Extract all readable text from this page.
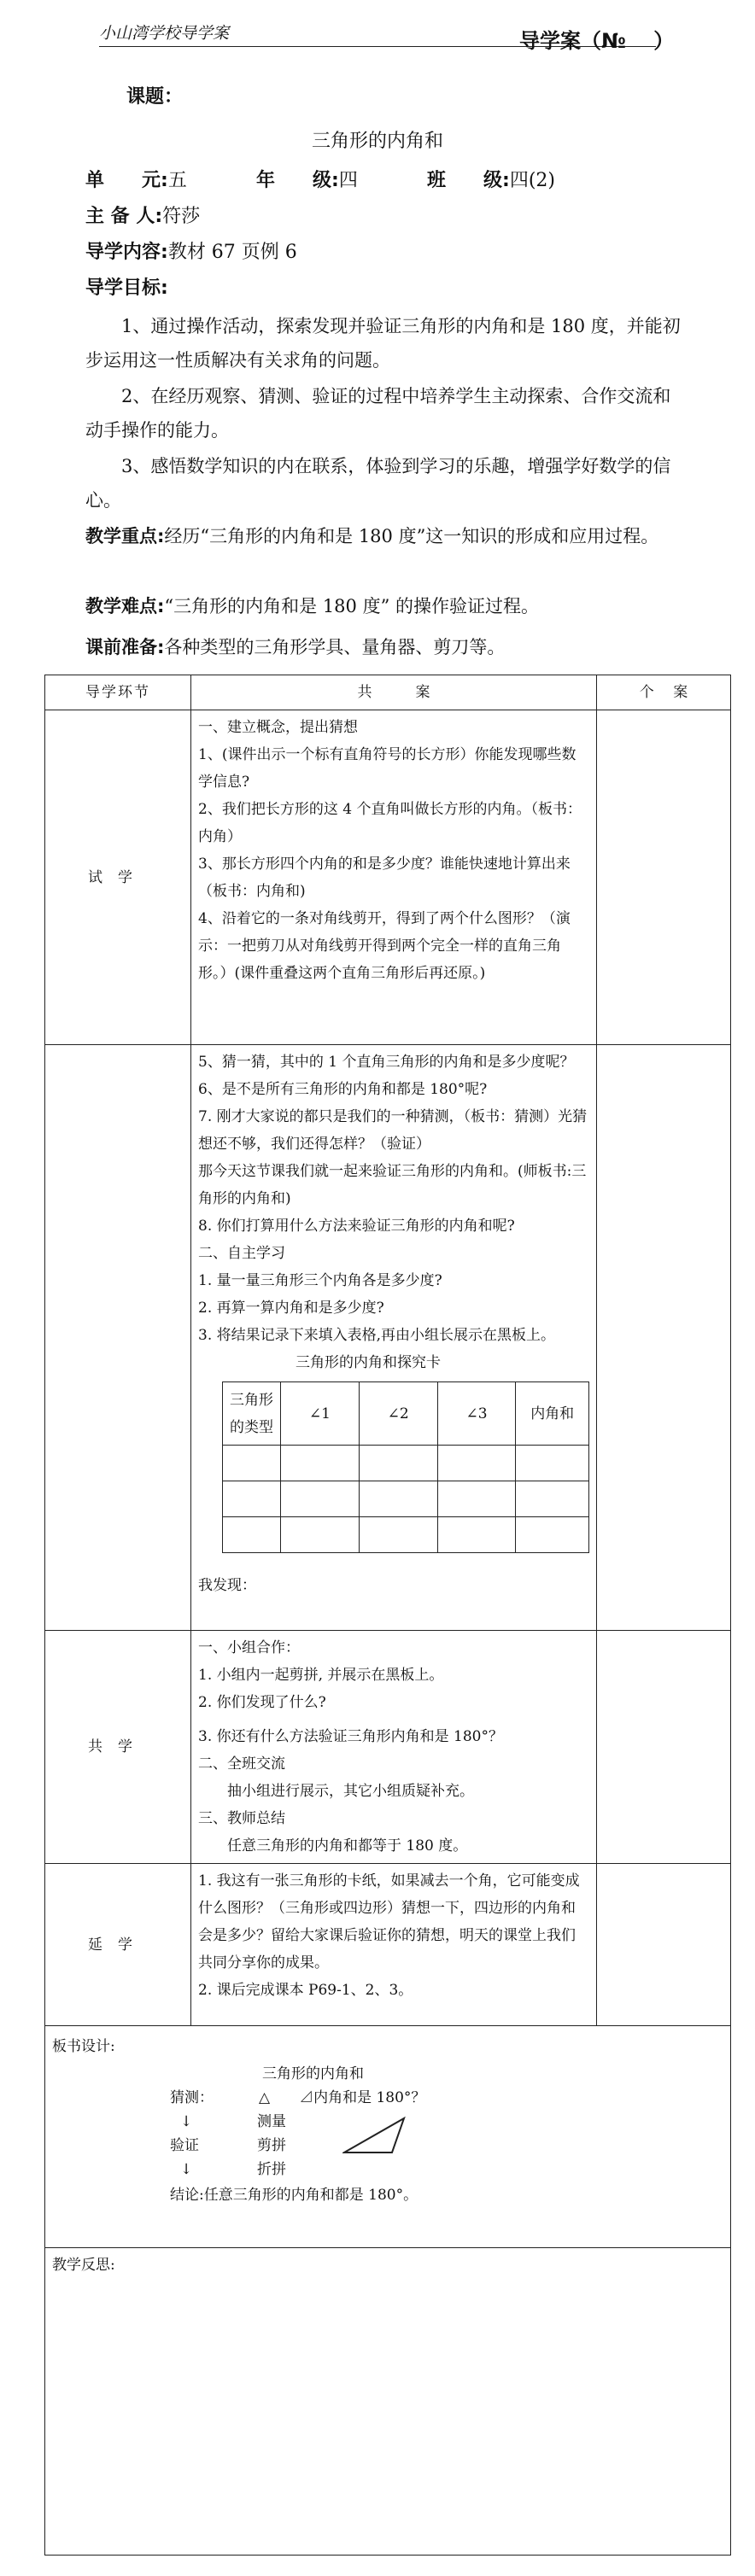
小山湾学校导学案	导学案（№　 ）
课题：
三角形的内角和
单　　元:五	年　　级:四	班　　级:四(2)
主 备 人:符莎
导学内容:教材 67 页例 6
导学目标:
1、通过操作活动，探索发现并验证三角形的内角和是 180 度，并能初步运用这一性质解决有关求角的问题。
2、在经历观察、猜测、验证的过程中培养学生主动探索、合作交流和动手操作的能力。
3、感悟数学知识的内在联系，体验到学习的乐趣，增强学好数学的信心。
教学重点:经历“三角形的内角和是 180 度”这一知识的形成和应用过程。
教学难点:“三角形的内角和是 180 度” 的操作验证过程。
课前准备:各种类型的三角形学具、量角器、剪刀等。
导学环节	共　　　案	个　 案
试学	

一、建立概念，提出猜想

1、(课件出示一个标有直角符号的长方形）你能发现哪些数学信息?

2、我们把长方形的这 4 个直角叫做长方形的内角。（板书：内角）

3、那长方形四个内角的和是多少度？谁能快速地计算出来（板书：内角和)

4、沿着它的一条对角线剪开，得到了两个什么图形？（演示：一把剪刀从对角线剪开得到两个完全一样的直角三角形。）(课件重叠这两个直角三角形后再还原。)

5、猜一猜，其中的 1 个直角三角形的内角和是多少度呢？

6、是不是所有三角形的内角和都是 180°呢?

7. 刚才大家说的都只是我们的一种猜测，（板书：猜测）光猜想还不够，我们还得怎样？（验证）

那今天这节课我们就一起来验证三角形的内角和。(师板书:三角形的内角和)

8. 你们打算用什么方法来验证三角形的内角和呢?

二、自主学习

1. 量一量三角形三个内角各是多少度?

2. 再算一算内角和是多少度?

3. 将结果记录下来填入表格,再由小组长展示在黑板上。

三角形的内角和探究卡

三角形的类型	∠1	∠2	∠3	内角和

我发现：

共学	

一、小组合作：

1. 小组内一起剪拼, 并展示在黑板上。

2. 你们发现了什么?

3. 你还有什么方法验证三角形内角和是 180°？

二、全班交流

　　抽小组进行展示，其它小组质疑补充。

三、教师总结

　　任意三角形的内角和都等于 180 度。

延学	

1. 我这有一张三角形的卡纸，如果减去一个角，它可能变成什么图形？（三角形或四边形）猜想一下，四边形的内角和会是多少？留给大家课后验证你的猜想，明天的课堂上我们共同分享你的成果。

2. 课后完成课本 P69-1、2、3。

板书设计:
三角形的内角和
猜测：	△　　⊿内角和是 180°？
↓	测量
验证	剪拼
↓	折拼
结论:任意三角形的内角和都是 180°。

教学反思:
